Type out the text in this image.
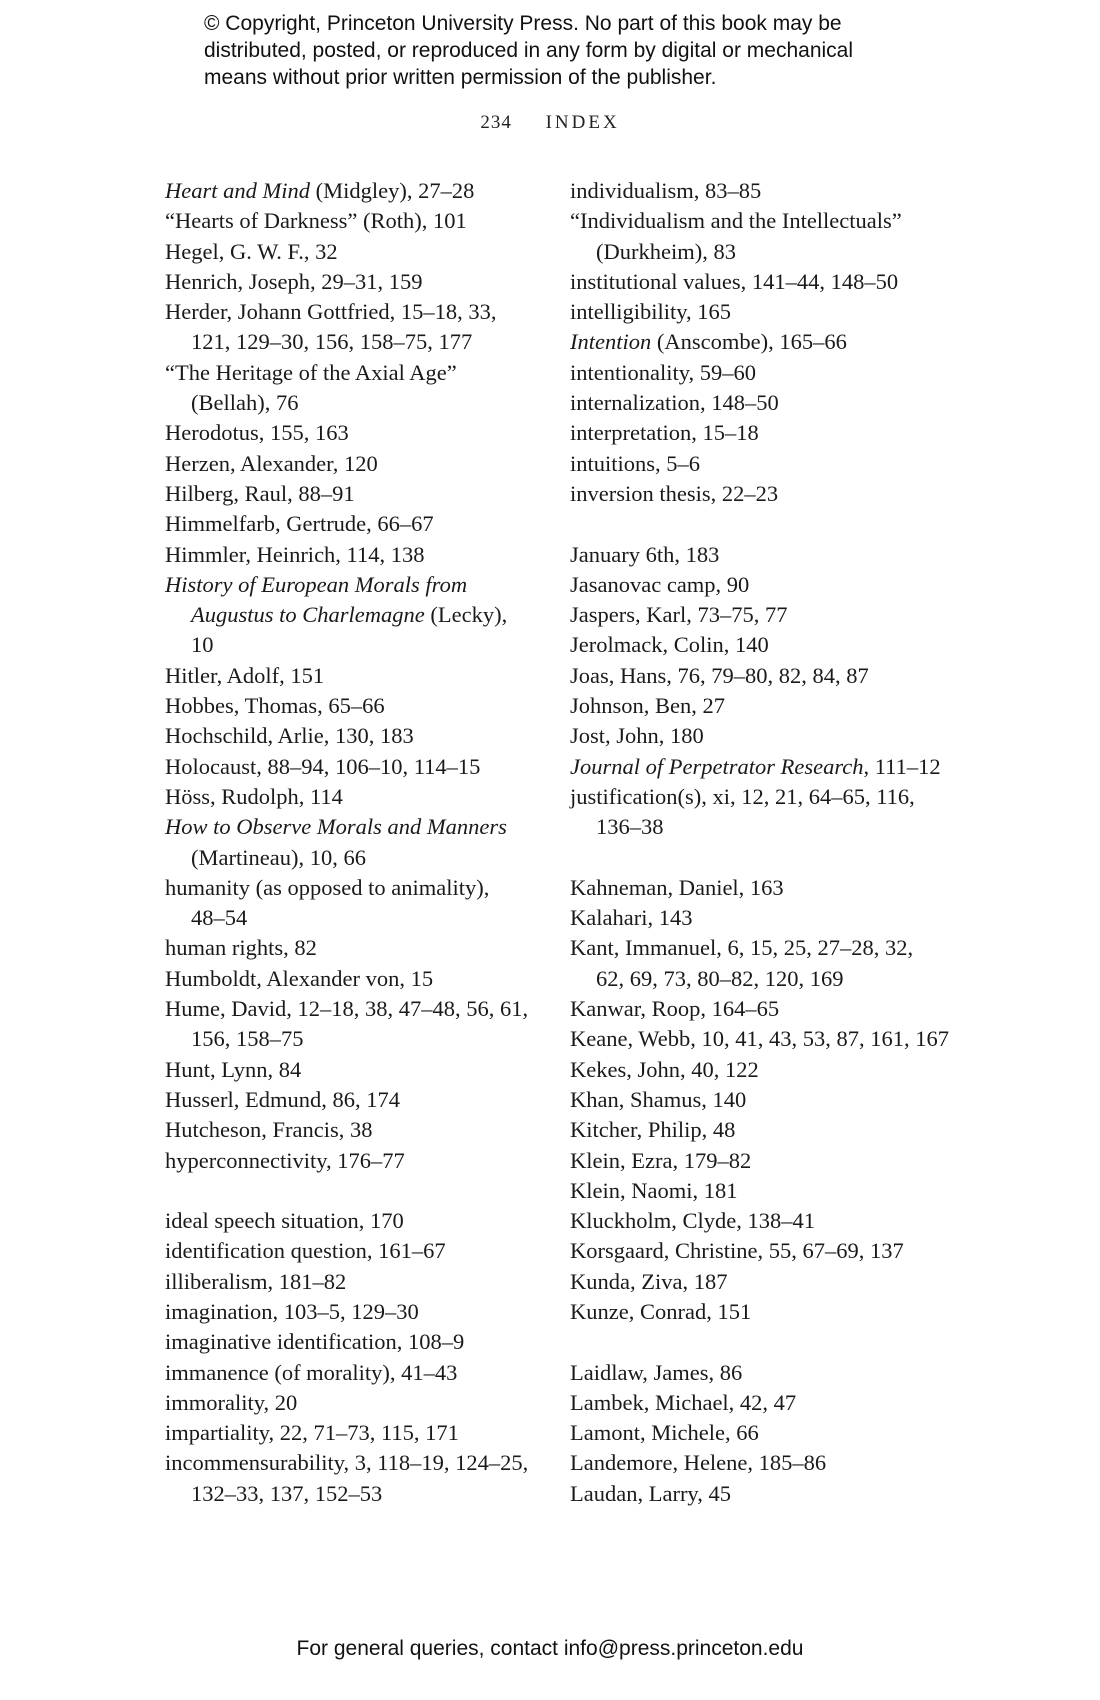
© Copyright, Princeton University Press. No part of this book may be
distributed, posted, or reproduced in any form by digital or mechanical
means without prior written permission of the publisher.

234 INDEX
Heart and Mind (Midgley), 27–28
“Hearts of Darkness” (Roth), 101
Hegel, G. W. F., 32
Henrich, Joseph, 29–31, 159
Herder, Johann Gottfried, 15–18, 33,
121, 129–30, 156, 158–75, 177
“The Heritage of the Axial Age”
(Bellah), 76
Herodotus, 155, 163
Herzen, Alexander, 120
Hilberg, Raul, 88–91
Himmelfarb, Gertrude, 66–67
Himmler, Heinrich, 114, 138
History of European Morals from
Augustus to Charlemagne (Lecky),
10
Hitler, Adolf, 151
Hobbes, Thomas, 65–66
Hochschild, Arlie, 130, 183
Holocaust, 88–94, 106–10, 114–15
Höss, Rudolph, 114
How to Observe Morals and Manners
(Martineau), 10, 66
humanity (as opposed to animality),
48–54
human rights, 82
Humboldt, Alexander von, 15
Hume, David, 12–18, 38, 47–48, 56, 61,
156, 158–75
Hunt, Lynn, 84
Husserl, Edmund, 86, 174
Hutcheson, Francis, 38
hyperconnectivity, 176–77
ideal speech situation, 170
identification question, 161–67
illiberalism, 181–82
imagination, 103–5, 129–30
imaginative identification, 108–9
immanence (of morality), 41–43
immorality, 20
impartiality, 22, 71–73, 115, 171
incommensurability, 3, 118–19, 124–25,
132–33, 137, 152–53
individualism, 83–85
“Individualism and the Intellectuals”
(Durkheim), 83
institutional values, 141–44, 148–50
intelligibility, 165
Intention (Anscombe), 165–66
intentionality, 59–60
internalization, 148–50
interpretation, 15–18
intuitions, 5–6
inversion thesis, 22–23
January 6th, 183
Jasanovac camp, 90
Jaspers, Karl, 73–75, 77
Jerolmack, Colin, 140
Joas, Hans, 76, 79–80, 82, 84, 87
Johnson, Ben, 27
Jost, John, 180
Journal of Perpetrator Research, 111–12
justification(s), xi, 12, 21, 64–65, 116,
136–38
Kahneman, Daniel, 163
Kalahari, 143
Kant, Immanuel, 6, 15, 25, 27–28, 32,
62, 69, 73, 80–82, 120, 169
Kanwar, Roop, 164–65
Keane, Webb, 10, 41, 43, 53, 87, 161, 167
Kekes, John, 40, 122
Khan, Shamus, 140
Kitcher, Philip, 48
Klein, Ezra, 179–82
Klein, Naomi, 181
Kluckholm, Clyde, 138–41
Korsgaard, Christine, 55, 67–69, 137
Kunda, Ziva, 187
Kunze, Conrad, 151
Laidlaw, James, 86
Lambek, Michael, 42, 47
Lamont, Michele, 66
Landemore, Helene, 185–86
Laudan, Larry, 45
For general queries, contact info@press.princeton.edu
